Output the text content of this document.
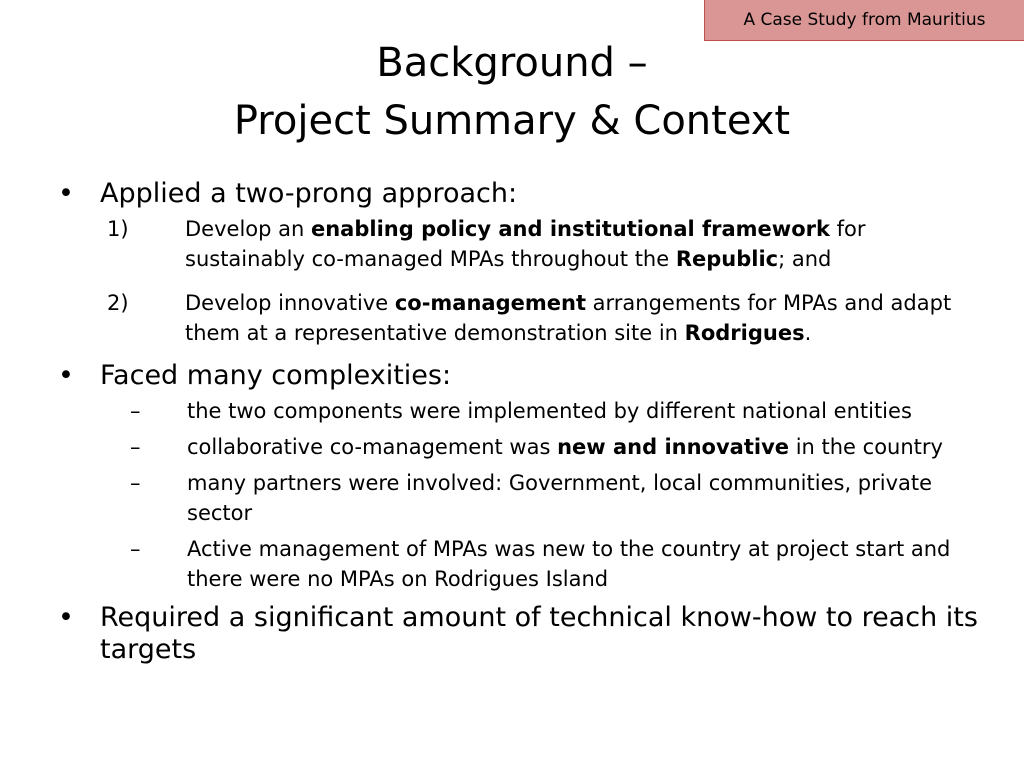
A Case Study from Mauritius
Background –
Project Summary & Context
• Applied a two-prong approach:
1)	Develop an enabling policy and institutional framework for sustainably co-managed MPAs throughout the Republic; and
2)	Develop innovative co-management arrangements for MPAs and adapt them at a representative demonstration site in Rodrigues.
• Faced many complexities:
– the two components were implemented by different national entities
– collaborative co-management was new and innovative in the country
– many partners were involved: Government, local communities, private sector
– Active management of MPAs was new to the country at project start and there were no MPAs on Rodrigues Island
• Required a significant amount of technical know-how to reach its targets
